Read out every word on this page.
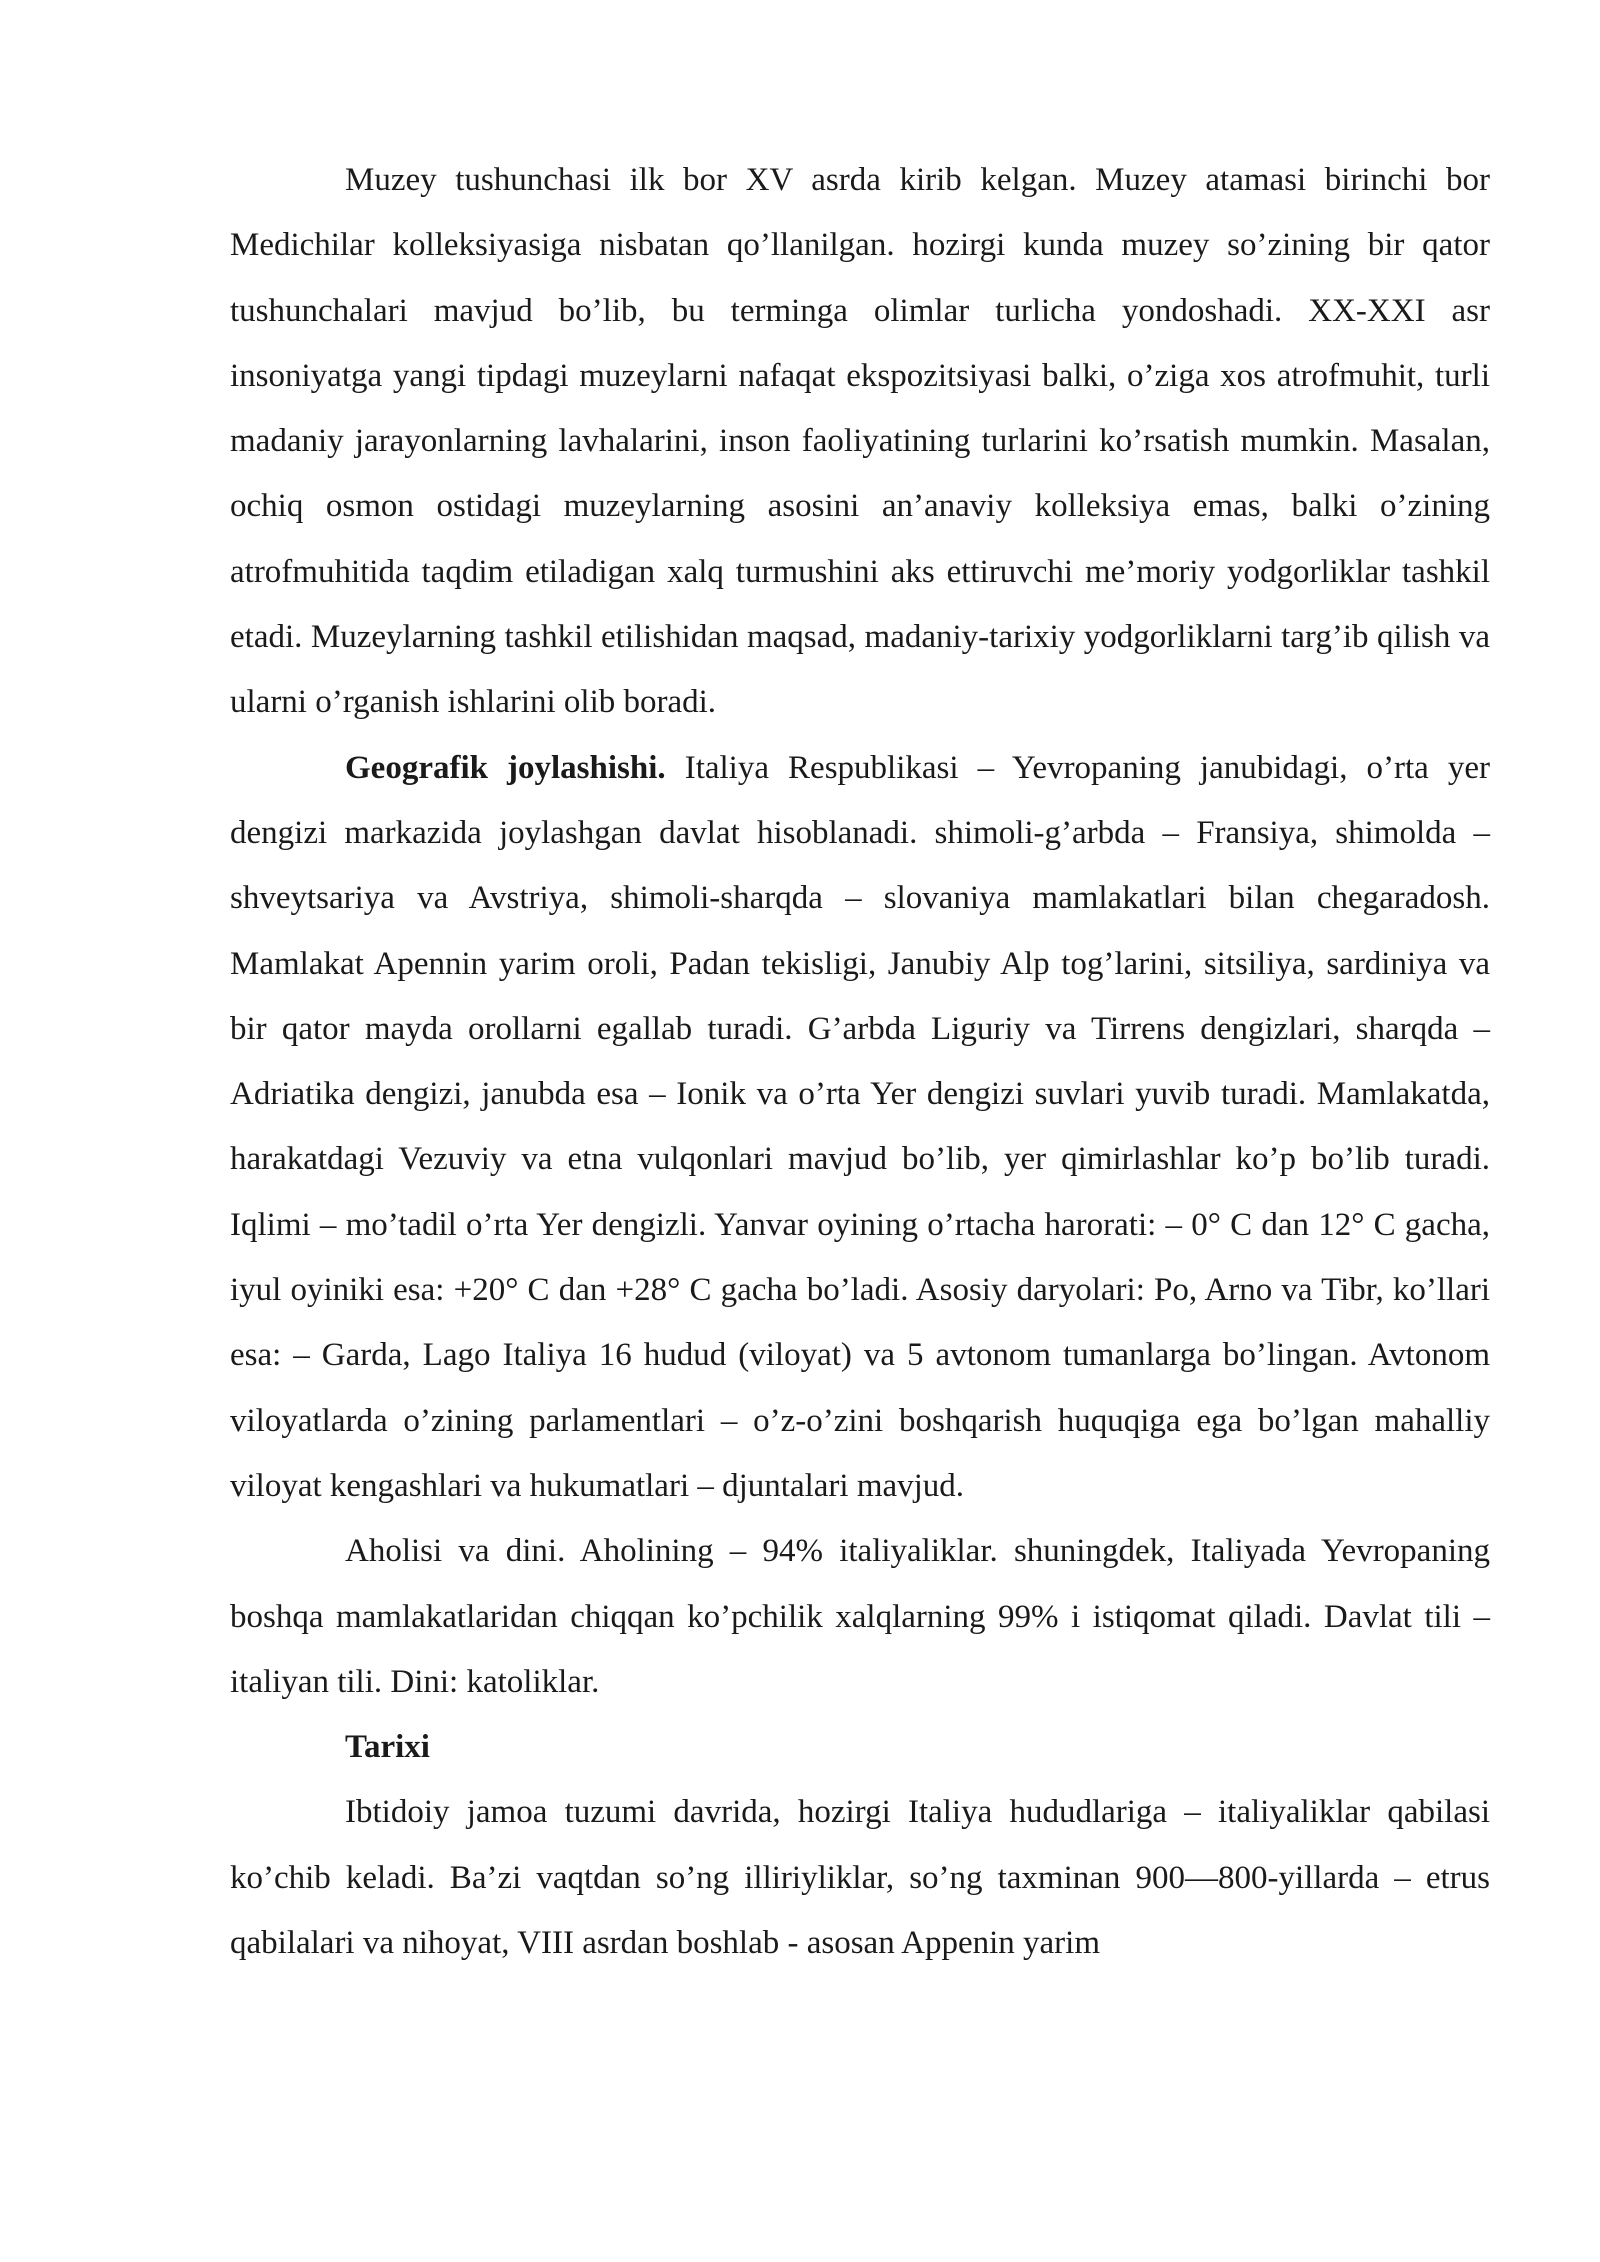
Muzey tushunchasi ilk bor XV asrda kirib kelgan. Muzey atamasi birinchi bor Medichilar kolleksiyasiga nisbatan qo’llanilgan. hozirgi kunda muzey so’zining bir qator tushunchalari mavjud bo’lib, bu terminga olimlar turlicha yondoshadi. XX-XXI asr insoniyatga yangi tipdagi muzeylarni nafaqat ekspozitsiyasi balki, o’ziga xos atrofmuhit, turli madaniy jarayonlarning lavhalarini, inson faoliyatining turlarini ko’rsatish mumkin. Masalan, ochiq osmon ostidagi muzeylarning asosini an’anaviy kolleksiya emas, balki o’zining atrofmuhitida taqdim etiladigan xalq turmushini aks ettiruvchi me’moriy yodgorliklar tashkil etadi. Muzeylarning tashkil etilishidan maqsad, madaniy-tarixiy yodgorliklarni targ’ib qilish va ularni o’rganish ishlarini olib boradi.

Geografik joylashishi. Italiya Respublikasi – Yevropaning janubidagi, o’rta yer dengizi markazida joylashgan davlat hisoblanadi. shimoli-g’arbda – Fransiya, shimolda – shveytsariya va Avstriya, shimoli-sharqda – slovaniya mamlakatlari bilan chegaradosh. Mamlakat Apennin yarim oroli, Padan tekisligi, Janubiy Alp tog’larini, sitsiliya, sardiniya va bir qator mayda orollarni egallab turadi. G’arbda Liguriy va Tirrens dengizlari, sharqda –Adriatika dengizi, janubda esa – Ionik va o’rta Yer dengizi suvlari yuvib turadi. Mamlakatda, harakatdagi Vezuviy va etna vulqonlari mavjud bo’lib, yer qimirlashlar ko’p bo’lib turadi. Iqlimi – mo’tadil o’rta Yer dengizli. Yanvar oyining o’rtacha harorati: – 0° C dan 12° C gacha, iyul oyiniki esa: +20° C dan +28° C gacha bo’ladi. Asosiy daryolari: Po, Arno va Tibr, ko’llari esa: – Garda, Lago Italiya 16 hudud (viloyat) va 5 avtonom tumanlarga bo’lingan. Avtonom viloyatlarda o’zining parlamentlari – o’z-o’zini boshqarish huquqiga ega bo’lgan mahalliy viloyat kengashlari va hukumatlari – djuntalari mavjud.

Aholisi va dini. Aholining – 94% italiyaliklar. shuningdek, Italiyada Yevropaning boshqa mamlakatlaridan chiqqan ko’pchilik xalqlarning 99% i istiqomat qiladi. Davlat tili – italiyan tili. Dini: katoliklar.

Tarixi

Ibtidoiy jamoa tuzumi davrida, hozirgi Italiya hududlariga – italiyaliklar qabilasi ko’chib keladi. Ba’zi vaqtdan so’ng illiriyliklar, so’ng taxminan 900—800-yillarda – etrus qabilalari va nihoyat, VIII asrdan boshlab - asosan Appenin yarim
